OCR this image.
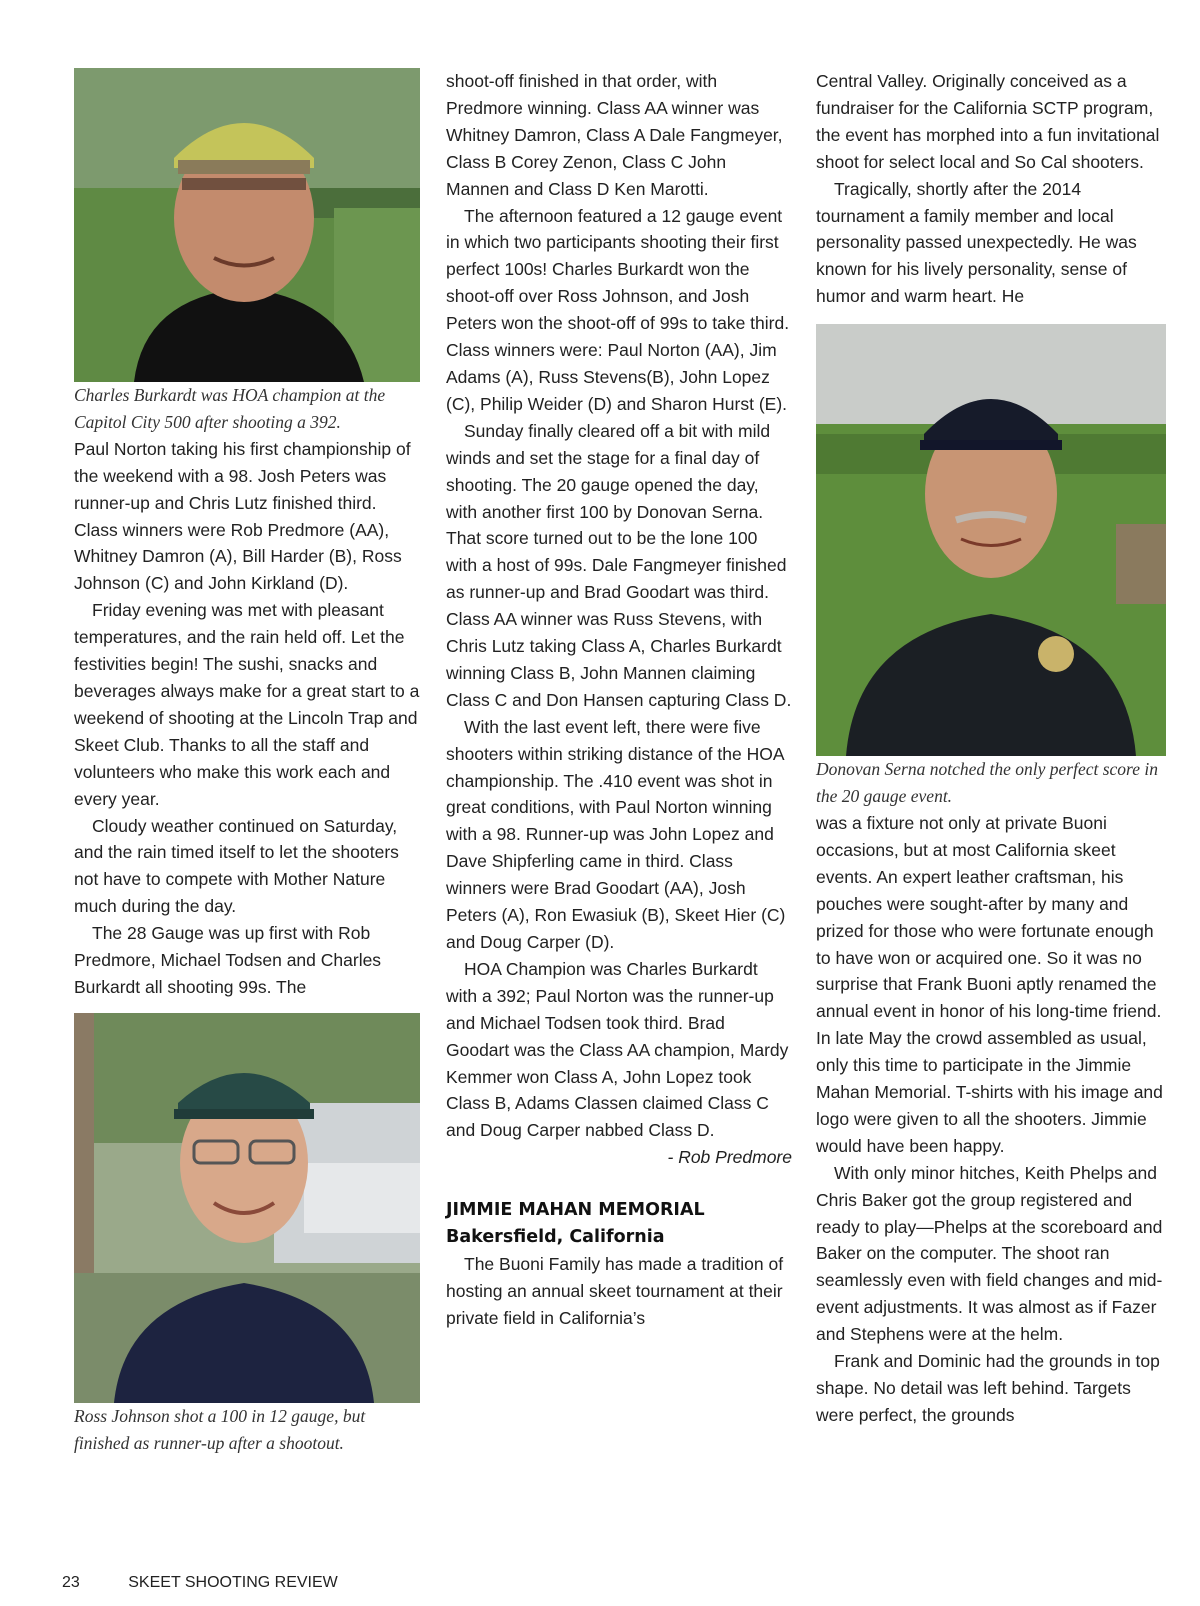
Charles Burkardt was HOA champion at the Capitol City 500 after shooting a 392.

Paul Norton taking his first championship of the weekend with a 98. Josh Peters was runner-up and Chris Lutz finished third. Class winners were Rob Predmore (AA), Whitney Damron (A), Bill Harder (B), Ross Johnson (C) and John Kirkland (D).

Friday evening was met with pleasant temperatures, and the rain held off. Let the festivities begin! The sushi, snacks and beverages always make for a great start to a weekend of shooting at the Lincoln Trap and Skeet Club. Thanks to all the staff and volunteers who make this work each and every year.

Cloudy weather continued on Saturday, and the rain timed itself to let the shooters not have to compete with Mother Nature much during the day.

The 28 Gauge was up first with Rob Predmore, Michael Todsen and Charles Burkardt all shooting 99s. The

Ross Johnson shot a 100 in 12 gauge, but finished as runner-up after a shootout.

shoot-off finished in that order, with Predmore winning. Class AA winner was Whitney Damron, Class A Dale Fangmeyer, Class B Corey Zenon, Class C John Mannen and Class D Ken Marotti.

The afternoon featured a 12 gauge event in which two participants shooting their first perfect 100s! Charles Burkardt won the shoot-off over Ross Johnson, and Josh Peters won the shoot-off of 99s to take third. Class winners were: Paul Norton (AA), Jim Adams (A), Russ Stevens(B), John Lopez (C), Philip Weider (D) and Sharon Hurst (E).

Sunday finally cleared off a bit with mild winds and set the stage for a final day of shooting. The 20 gauge opened the day, with another first 100 by Donovan Serna. That score turned out to be the lone 100 with a host of 99s. Dale Fangmeyer finished as runner-up and Brad Goodart was third. Class AA winner was Russ Stevens, with Chris Lutz taking Class A, Charles Burkardt winning Class B, John Mannen claiming Class C and Don Hansen capturing Class D.

With the last event left, there were five shooters within striking distance of the HOA championship. The .410 event was shot in great conditions, with Paul Norton winning with a 98. Runner-up was John Lopez and Dave Shipferling came in third. Class winners were Brad Goodart (AA), Josh Peters (A), Ron Ewasiuk (B), Skeet Hier (C) and Doug Carper (D).

HOA Champion was Charles Burkardt with a 392; Paul Norton was the runner-up and Michael Todsen took third. Brad Goodart was the Class AA champion, Mardy Kemmer won Class A, John Lopez took Class B, Adams Classen claimed Class C and Doug Carper nabbed Class D.

- Rob Predmore

JIMMIE MAHAN MEMORIAL

Bakersfield, California

The Buoni Family has made a tradition of hosting an annual skeet tournament at their private field in California’s

Central Valley. Originally conceived as a fundraiser for the California SCTP program, the event has morphed into a fun invitational shoot for select local and So Cal shooters.

Tragically, shortly after the 2014 tournament a family member and local personality passed unexpectedly. He was known for his lively personality, sense of humor and warm heart. He

Donovan Serna notched the only perfect score in the 20 gauge event.

was a fixture not only at private Buoni occasions, but at most California skeet events. An expert leather craftsman, his pouches were sought-after by many and prized for those who were fortunate enough to have won or acquired one. So it was no surprise that Frank Buoni aptly renamed the annual event in honor of his long-time friend. In late May the crowd assembled as usual, only this time to participate in the Jimmie Mahan Memorial. T-shirts with his image and logo were given to all the shooters. Jimmie would have been happy.

With only minor hitches, Keith Phelps and Chris Baker got the group registered and ready to play—Phelps at the scoreboard and Baker on the computer. The shoot ran seamlessly even with field changes and mid-event adjustments. It was almost as if Fazer and Stephens were at the helm.

Frank and Dominic had the grounds in top shape. No detail was left behind. Targets were perfect, the grounds

23	SKEET SHOOTING REVIEW
